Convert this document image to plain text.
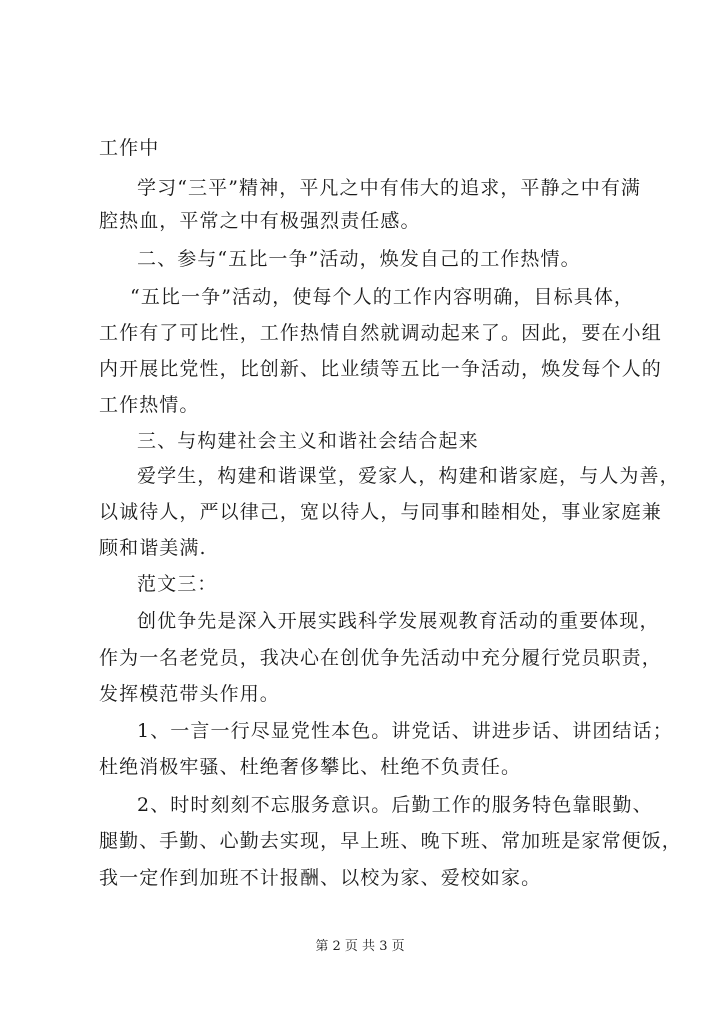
工作中
学习“三平”精神，平凡之中有伟大的追求，平静之中有满
腔热血，平常之中有极强烈责任感。
二、参与“五比一争”活动，焕发自己的工作热情。
“五比一争”活动，使每个人的工作内容明确，目标具体，
工作有了可比性，工作热情自然就调动起来了。因此，要在小组
内开展比党性，比创新、比业绩等五比一争活动，焕发每个人的
工作热情。
三、与构建社会主义和谐社会结合起来
爱学生，构建和谐课堂，爱家人，构建和谐家庭，与人为善，
以诚待人，严以律己，宽以待人，与同事和睦相处，事业家庭兼
顾和谐美满.
范文三：
创优争先是深入开展实践科学发展观教育活动的重要体现，
作为一名老党员，我决心在创优争先活动中充分履行党员职责，
发挥模范带头作用。
1、一言一行尽显党性本色。讲党话、讲进步话、讲团结话；
杜绝消极牢骚、杜绝奢侈攀比、杜绝不负责任。
2、时时刻刻不忘服务意识。后勤工作的服务特色靠眼勤、
腿勤、手勤、心勤去实现，早上班、晚下班、常加班是家常便饭，
我一定作到加班不计报酬、以校为家、爱校如家。
第 2 页 共 3 页
